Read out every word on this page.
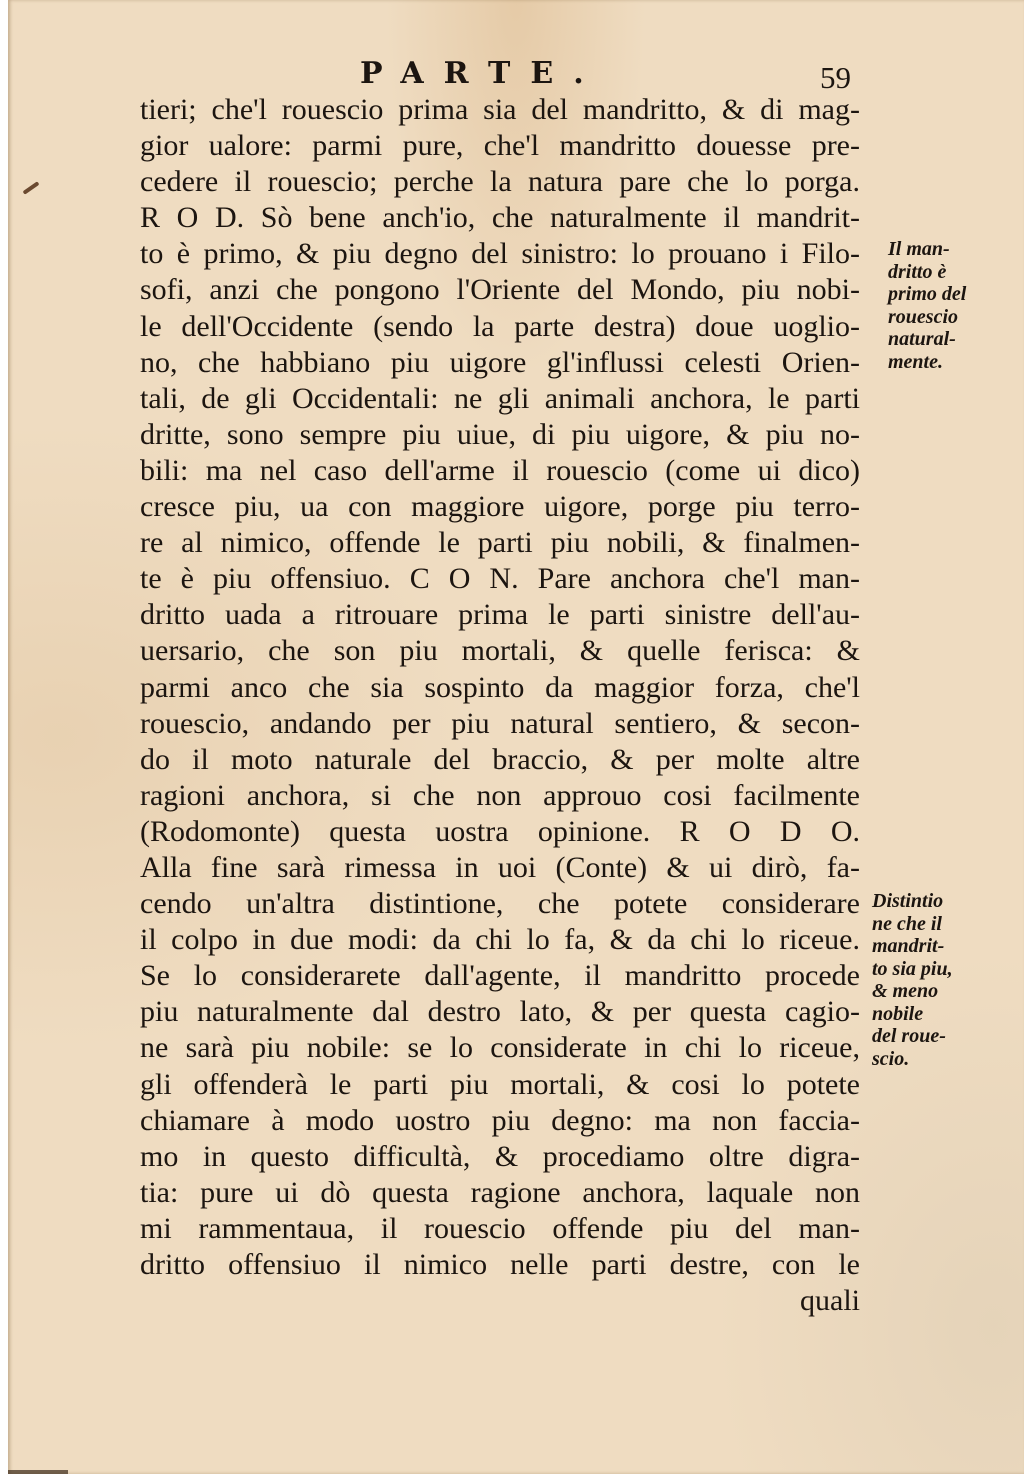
PARTE.	59
tieri; che'l rouescio prima sia del mandritto, & di mag-
gior ualore: parmi pure, che'l mandritto douesse pre-
cedere il rouescio; perche la natura pare che lo porga.
R O D. Sò bene anch'io, che naturalmente il mandrit-
to è primo, & piu degno del sinistro: lo prouano i Filo-
sofi, anzi che pongono l'Oriente del Mondo, piu nobi-
le dell'Occidente (sendo la parte destra) doue uoglio-
no, che habbiano piu uigore gl'influssi celesti Orien-
tali, de gli Occidentali: ne gli animali anchora, le parti
dritte, sono sempre piu uiue, di piu uigore, & piu no-
bili: ma nel caso dell'arme il rouescio (come ui dico)
cresce piu, ua con maggiore uigore, porge piu terro-
re al nimico, offende le parti piu nobili, & finalmen-
te è piu offensiuo. C O N. Pare anchora che'l man-
dritto uada a ritrouare prima le parti sinistre dell'au-
uersario, che son piu mortali, & quelle ferisca: &
parmi anco che sia sospinto da maggior forza, che'l
rouescio, andando per piu natural sentiero, & secon-
do il moto naturale del braccio, & per molte altre
ragioni anchora, si che non approuo cosi facilmente
(Rodomonte) questa uostra opinione. R O D O.
Alla fine sarà rimessa in uoi (Conte) & ui dirò, fa-
cendo un'altra distintione, che potete considerare
il colpo in due modi: da chi lo fa, & da chi lo riceue.
Se lo considerarete dall'agente, il mandritto procede
piu naturalmente dal destro lato, & per questa cagio-
ne sarà piu nobile: se lo considerate in chi lo riceue,
gli offenderà le parti piu mortali, & cosi lo potete
chiamare à modo uostro piu degno: ma non faccia-
mo in questo difficultà, & procediamo oltre digra-
tia: pure ui dò questa ragione anchora, laquale non
mi rammentaua, il rouescio offende piu del man-
dritto offensiuo il nimico nelle parti destre, con le
quali
Il man-
dritto è
primo del
rouescio
natural-
mente.
Distintio
ne che il
mandrit-
to sia piu,
& meno
nobile
del roue-
scio.
